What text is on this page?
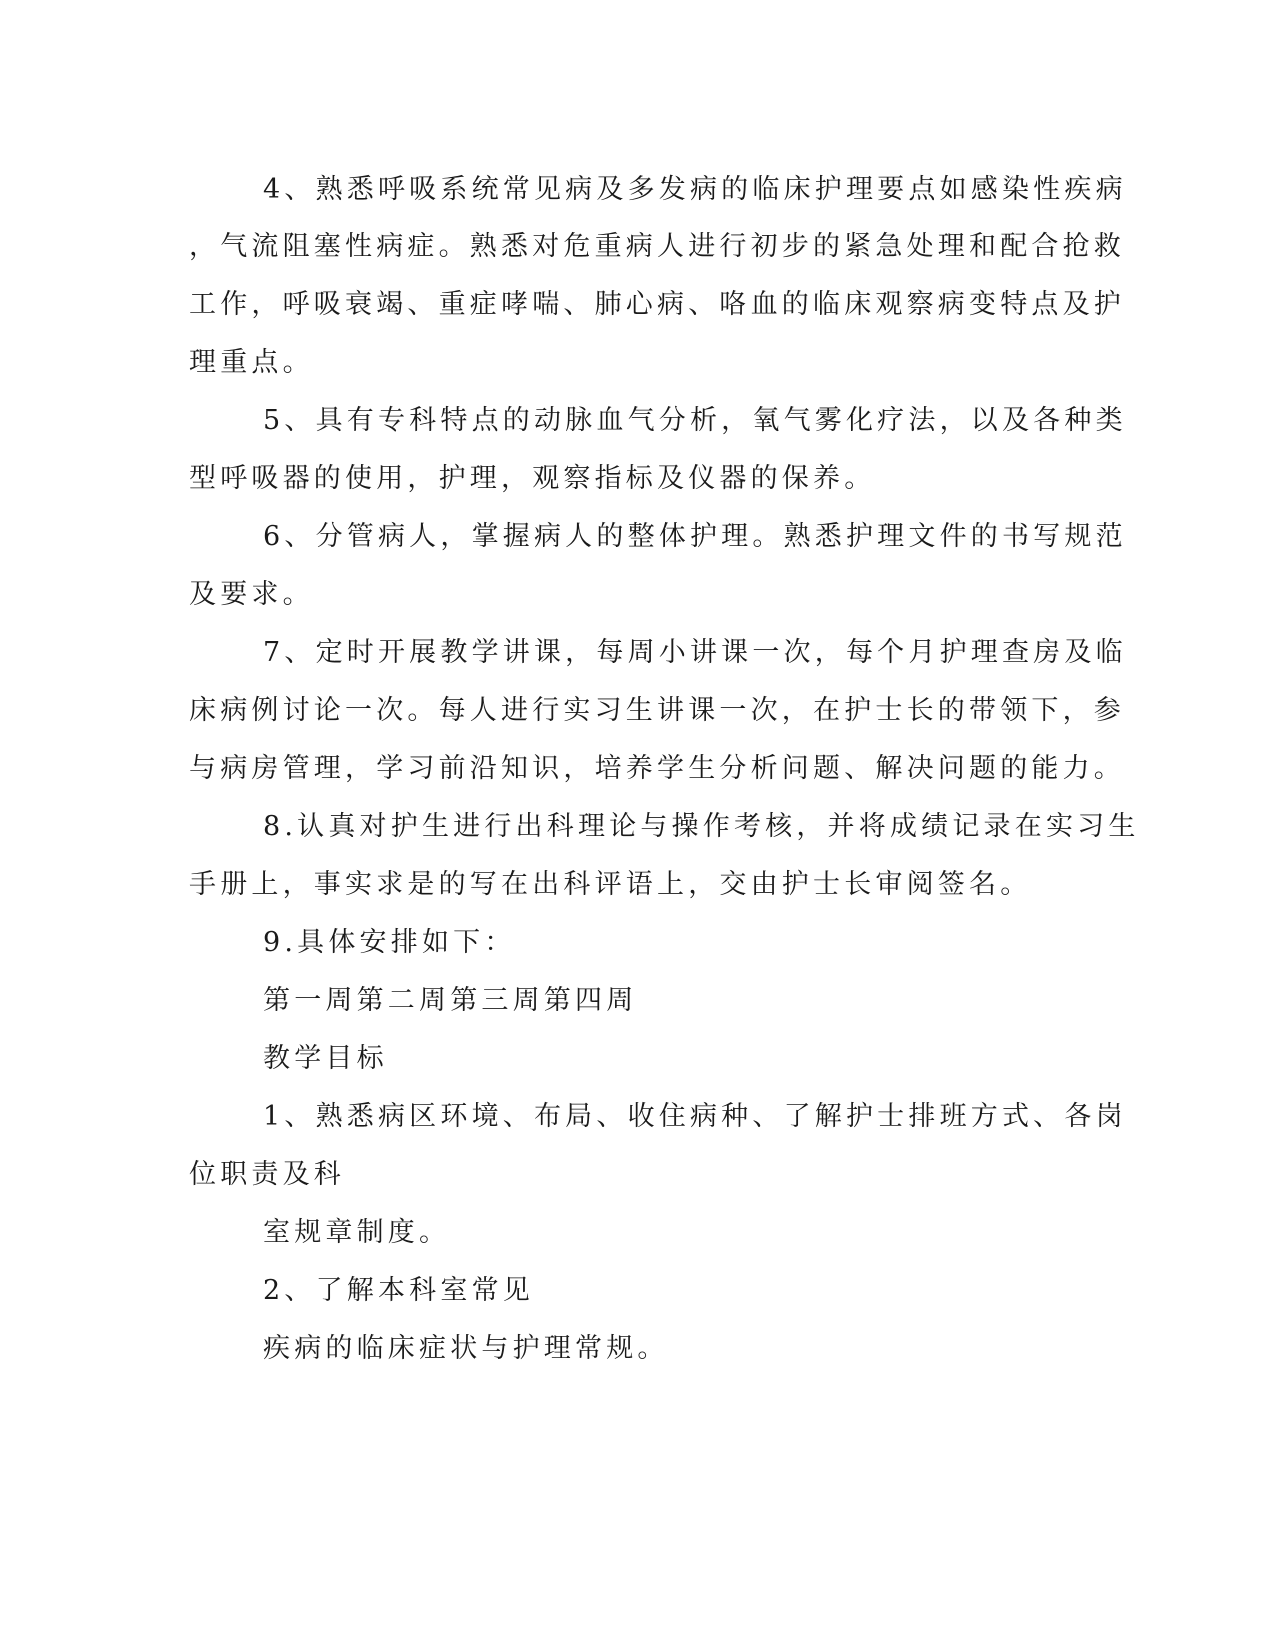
4、熟悉呼吸系统常见病及多发病的临床护理要点如感染性疾病
，气流阻塞性病症。熟悉对危重病人进行初步的紧急处理和配合抢救
工作，呼吸衰竭、重症哮喘、肺心病、咯血的临床观察病变特点及护
理重点。
5、具有专科特点的动脉血气分析，氧气雾化疗法，以及各种类
型呼吸器的使用，护理，观察指标及仪器的保养。
6、分管病人，掌握病人的整体护理。熟悉护理文件的书写规范
及要求。
7、定时开展教学讲课，每周小讲课一次，每个月护理查房及临
床病例讨论一次。每人进行实习生讲课一次，在护士长的带领下，参
与病房管理，学习前沿知识，培养学生分析问题、解决问题的能力。
8.认真对护生进行出科理论与操作考核，并将成绩记录在实习生
手册上，事实求是的写在出科评语上，交由护士长审阅签名。
9.具体安排如下：
第一周第二周第三周第四周
教学目标
1、熟悉病区环境、布局、收住病种、了解护士排班方式、各岗
位职责及科
室规章制度。
2、了解本科室常见
疾病的临床症状与护理常规。
